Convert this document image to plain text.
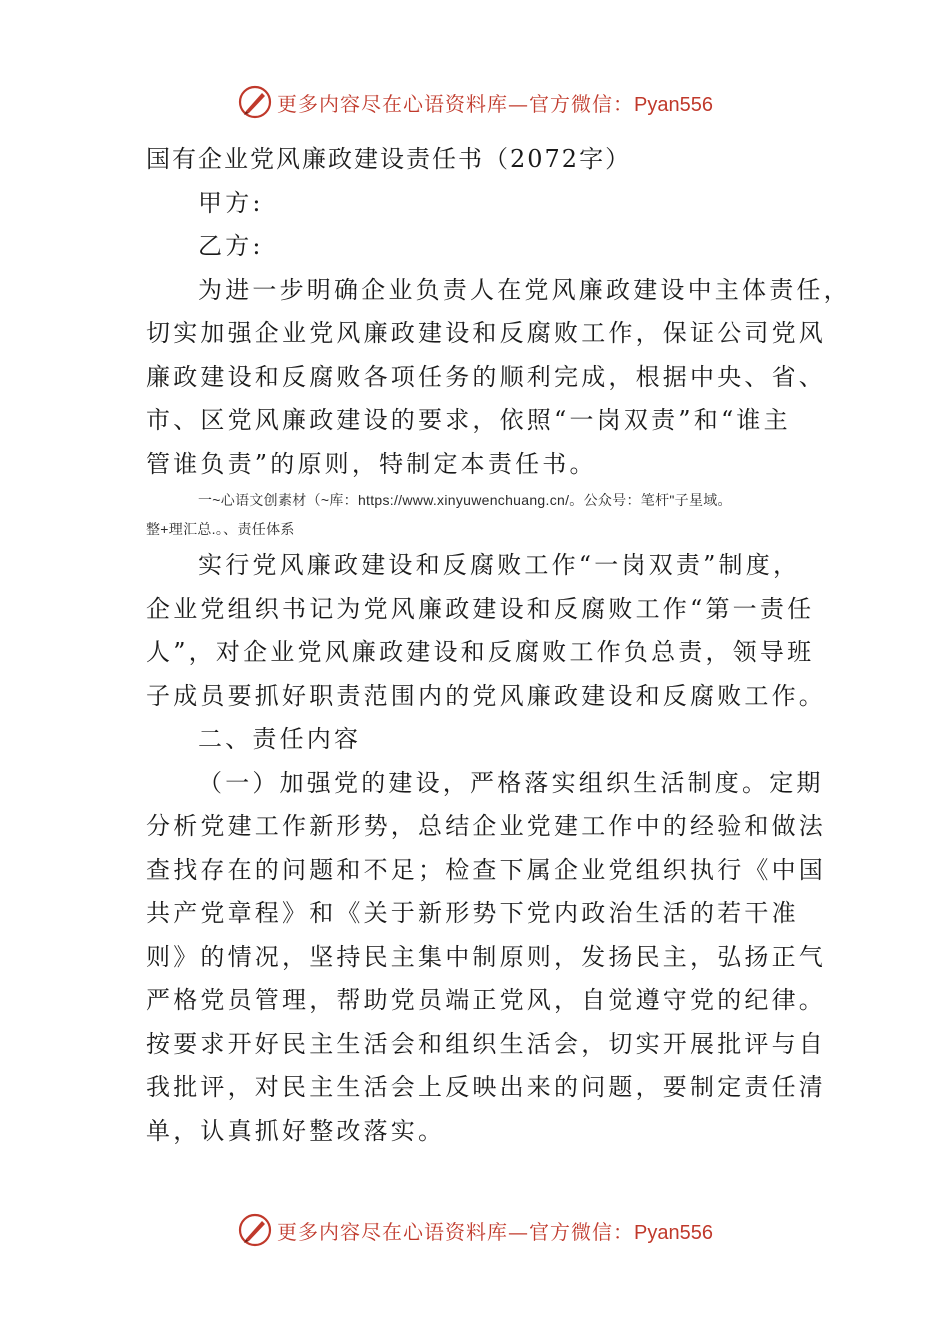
更多内容尽在心语资料库—官方微信：Pyan556
国有企业党风廉政建设责任书（2072字）
甲方:
乙方:
为进一步明确企业负责人在党风廉政建设中主体责任，
切实加强企业党风廉政建设和反腐败工作，保证公司党风
廉政建设和反腐败各项任务的顺利完成，根据中央、省、
市、区党风廉政建设的要求，依照“一岗双责”和“谁主
管谁负责”的原则，特制定本责任书。
一~心语文创素材（~库：https://www.xinyuwenchuang.cn/。公众号：笔杆"子星域。
整+理汇总.。、责任体系
实行党风廉政建设和反腐败工作“一岗双责”制度，
企业党组织书记为党风廉政建设和反腐败工作“第一责任
人”，对企业党风廉政建设和反腐败工作负总责，领导班
子成员要抓好职责范围内的党风廉政建设和反腐败工作。
二、责任内容
（一）加强党的建设，严格落实组织生活制度。定期
分析党建工作新形势，总结企业党建工作中的经验和做法
查找存在的问题和不足；检查下属企业党组织执行《中国
共产党章程》和《关于新形势下党内政治生活的若干准
则》的情况，坚持民主集中制原则，发扬民主，弘扬正气
严格党员管理，帮助党员端正党风，自觉遵守党的纪律。
按要求开好民主生活会和组织生活会，切实开展批评与自
我批评，对民主生活会上反映出来的问题，要制定责任清
单，认真抓好整改落实。
更多内容尽在心语资料库—官方微信：Pyan556
